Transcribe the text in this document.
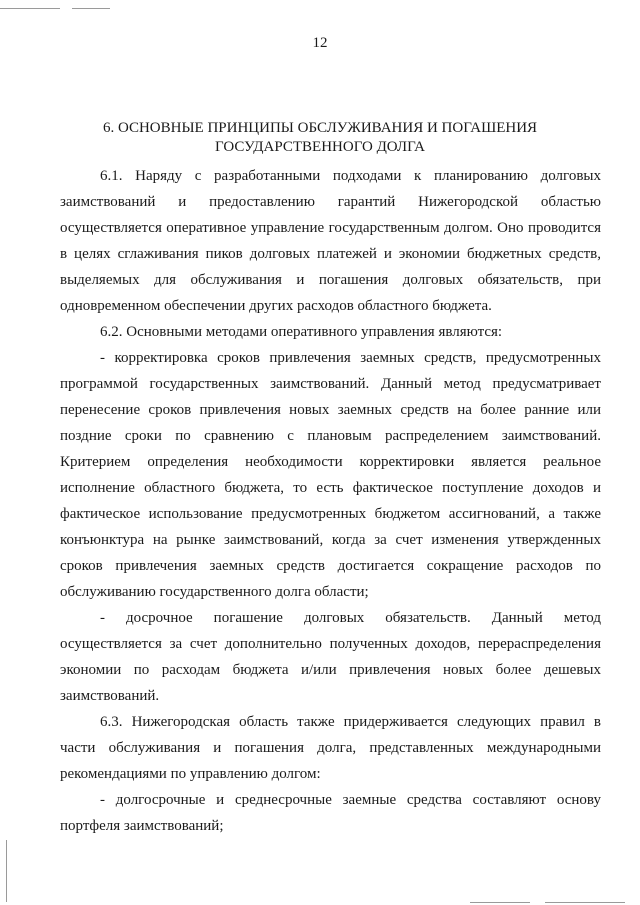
12
6. ОСНОВНЫЕ ПРИНЦИПЫ ОБСЛУЖИВАНИЯ И ПОГАШЕНИЯ
ГОСУДАРСТВЕННОГО ДОЛГА

6.1. Наряду с разработанными подходами к планированию долговых заимствований и предоставлению гарантий Нижегородской областью осуществляется оперативное управление государственным долгом. Оно проводится в целях сглаживания пиков долговых платежей и экономии бюджетных средств, выделяемых для обслуживания и погашения долговых обязательств, при одновременном обеспечении других расходов областного бюджета.

6.2. Основными методами оперативного управления являются:

- корректировка сроков привлечения заемных средств, предусмотренных программой государственных заимствований. Данный метод предусматривает перенесение сроков привлечения новых заемных средств на более ранние или поздние сроки по сравнению с плановым распределением заимствований. Критерием определения необходимости корректировки является реальное исполнение областного бюджета, то есть фактическое поступление доходов и фактическое использование предусмотренных бюджетом ассигнований, а также конъюнктура на рынке заимствований, когда за счет изменения утвержденных сроков привлечения заемных средств достигается сокращение расходов по обслуживанию государственного долга области;

- досрочное погашение долговых обязательств. Данный метод осуществляется за счет дополнительно полученных доходов, перераспределения экономии по расходам бюджета и/или привлечения новых более дешевых заимствований.

6.3. Нижегородская область также придерживается следующих правил в части обслуживания и погашения долга, представленных международными рекомендациями по управлению долгом:

- долгосрочные и среднесрочные заемные средства составляют основу портфеля заимствований;
